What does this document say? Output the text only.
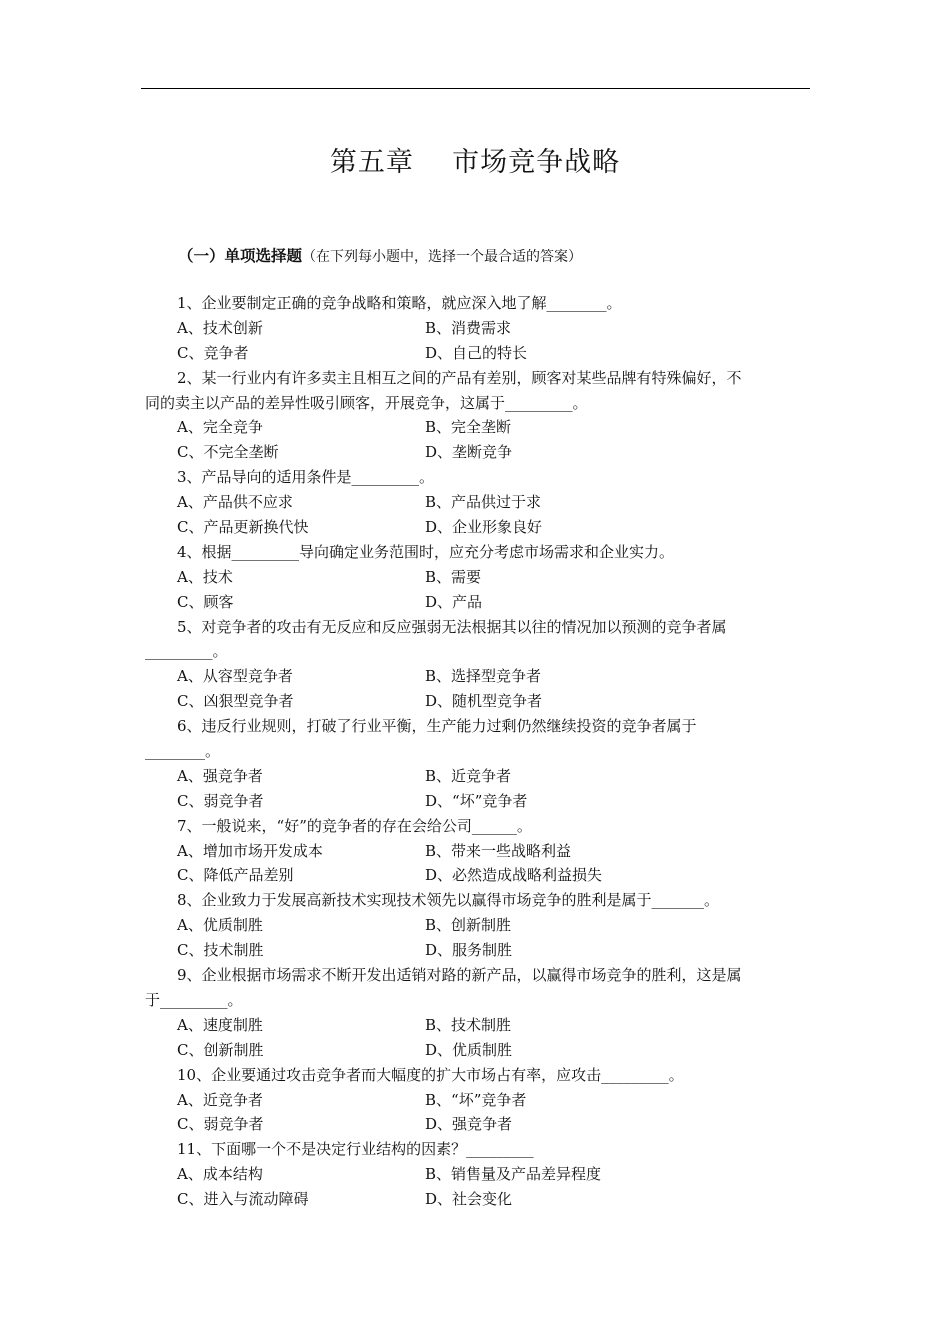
第五章    市场竞争战略
（一）单项选择题（在下列每小题中，选择一个最合适的答案）
1、企业要制定正确的竞争战略和策略，就应深入地了解________。
A、技术创新	B、消费需求
C、竞争者	D、自己的特长
2、某一行业内有许多卖主且相互之间的产品有差别，顾客对某些品牌有特殊偏好，不
同的卖主以产品的差异性吸引顾客，开展竞争，这属于_________。
A、完全竞争	B、完全垄断
C、不完全垄断	D、垄断竞争
3、产品导向的适用条件是_________。
A、产品供不应求	B、产品供过于求
C、产品更新换代快	D、企业形象良好
4、根据_________导向确定业务范围时，应充分考虑市场需求和企业实力。
A、技术	B、需要
C、顾客	D、产品
5、对竞争者的攻击有无反应和反应强弱无法根据其以往的情况加以预测的竞争者属
_________。
A、从容型竞争者	B、选择型竞争者
C、凶狠型竞争者	D、随机型竞争者
6、违反行业规则，打破了行业平衡，生产能力过剩仍然继续投资的竞争者属于
________。
A、强竞争者	B、近竞争者
C、弱竞争者	D、“坏”竞争者
7、一般说来，“好”的竞争者的存在会给公司______。
A、增加市场开发成本	B、带来一些战略利益
C、降低产品差别	D、必然造成战略利益损失
8、企业致力于发展高新技术实现技术领先以赢得市场竞争的胜利是属于_______。
A、优质制胜	B、创新制胜
C、技术制胜	D、服务制胜
9、企业根据市场需求不断开发出适销对路的新产品，以赢得市场竞争的胜利，这是属
于_________。
A、速度制胜	B、技术制胜
C、创新制胜	D、优质制胜
10、企业要通过攻击竞争者而大幅度的扩大市场占有率，应攻击_________。
A、近竞争者	B、“坏”竞争者
C、弱竞争者	D、强竞争者
11、下面哪一个不是决定行业结构的因素？_________
A、成本结构	B、销售量及产品差异程度
C、进入与流动障碍	D、社会变化
